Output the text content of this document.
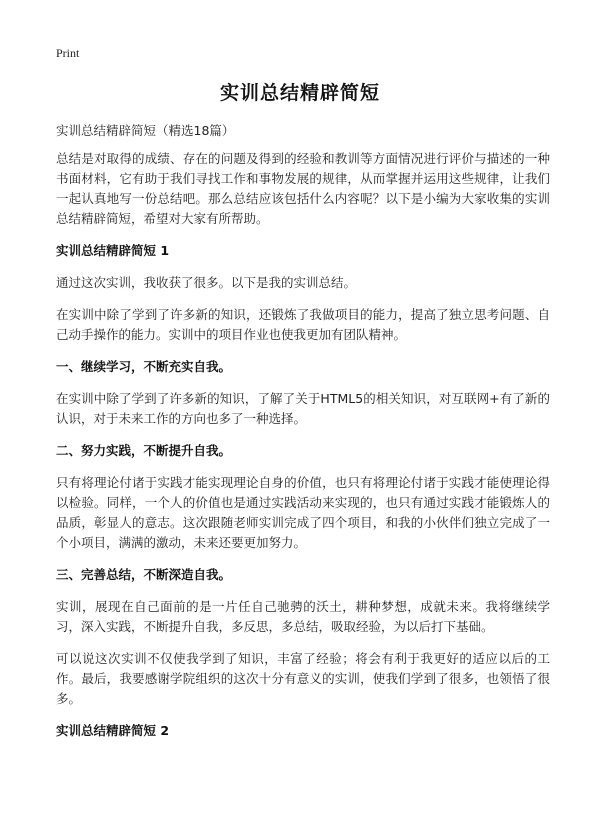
Print
实训总结精辟简短
实训总结精辟简短（精选18篇）

总结是对取得的成绩、存在的问题及得到的经验和教训等方面情况进行评价与描述的一种书面材料，它有助于我们寻找工作和事物发展的规律，从而掌握并运用这些规律，让我们一起认真地写一份总结吧。那么总结应该包括什么内容呢？以下是小编为大家收集的实训总结精辟简短，希望对大家有所帮助。

实训总结精辟简短 1

通过这次实训，我收获了很多。以下是我的实训总结。

在实训中除了学到了许多新的知识，还锻炼了我做项目的能力，提高了独立思考问题、自己动手操作的能力。实训中的项目作业也使我更加有团队精神。

一、继续学习，不断充实自我。

在实训中除了学到了许多新的知识，了解了关于HTML5的相关知识，对互联网+有了新的认识，对于未来工作的方向也多了一种选择。

二、努力实践，不断提升自我。

只有将理论付诸于实践才能实现理论自身的价值，也只有将理论付诸于实践才能使理论得以检验。同样，一个人的价值也是通过实践活动来实现的，也只有通过实践才能锻炼人的品质，彰显人的意志。这次跟随老师实训完成了四个项目，和我的小伙伴们独立完成了一个小项目，满满的激动，未来还要更加努力。

三、完善总结，不断深造自我。

实训，展现在自己面前的是一片任自己驰骋的沃土，耕种梦想，成就未来。我将继续学习，深入实践，不断提升自我，多反思，多总结，吸取经验，为以后打下基础。

可以说这次实训不仅使我学到了知识，丰富了经验；将会有利于我更好的适应以后的工作。最后，我要感谢学院组织的这次十分有意义的实训，使我们学到了很多，也领悟了很多。

实训总结精辟简短 2
